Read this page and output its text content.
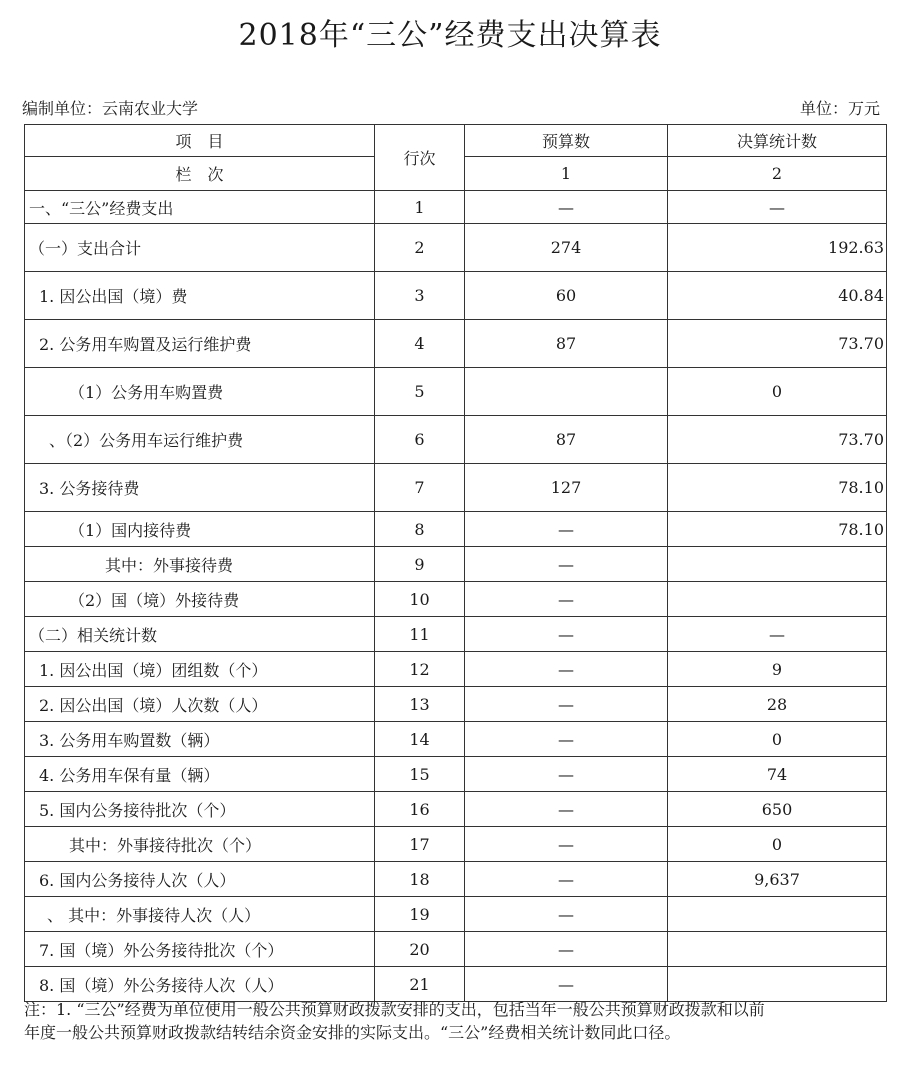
2018年“三公”经费支出决算表
编制单位：云南农业大学	单位：万元
项　目	行次	预算数	决算统计数
栏　次		1	2
一、“三公”经费支出	1	—	—
（一）支出合计	2	274	192.63
1. 因公出国（境）费	3	60	40.84
2. 公务用车购置及运行维护费	4	87	73.70
（1）公务用车购置费	5		0
、（2）公务用车运行维护费	6	87	73.70
3. 公务接待费	7	127	78.10
（1）国内接待费	8	—	78.10
其中：外事接待费	9	—	
（2）国（境）外接待费	10	—	
（二）相关统计数	11	—	—
1. 因公出国（境）团组数（个）	12	—	9
2. 因公出国（境）人次数（人）	13	—	28
3. 公务用车购置数（辆）	14	—	0
4. 公务用车保有量（辆）	15	—	74
5. 国内公务接待批次（个）	16	—	650
其中：外事接待批次（个）	17	—	0
6. 国内公务接待人次（人）	18	—	9,637
、 其中：外事接待人次（人）	19	—	
7. 国（境）外公务接待批次（个）	20	—	
8. 国（境）外公务接待人次（人）	21	—	
注：1. “三公”经费为单位使用一般公共预算财政拨款安排的支出，包括当年一般公共预算财政拨款和以前
年度一般公共预算财政拨款结转结余资金安排的实际支出。“三公”经费相关统计数同此口径。
